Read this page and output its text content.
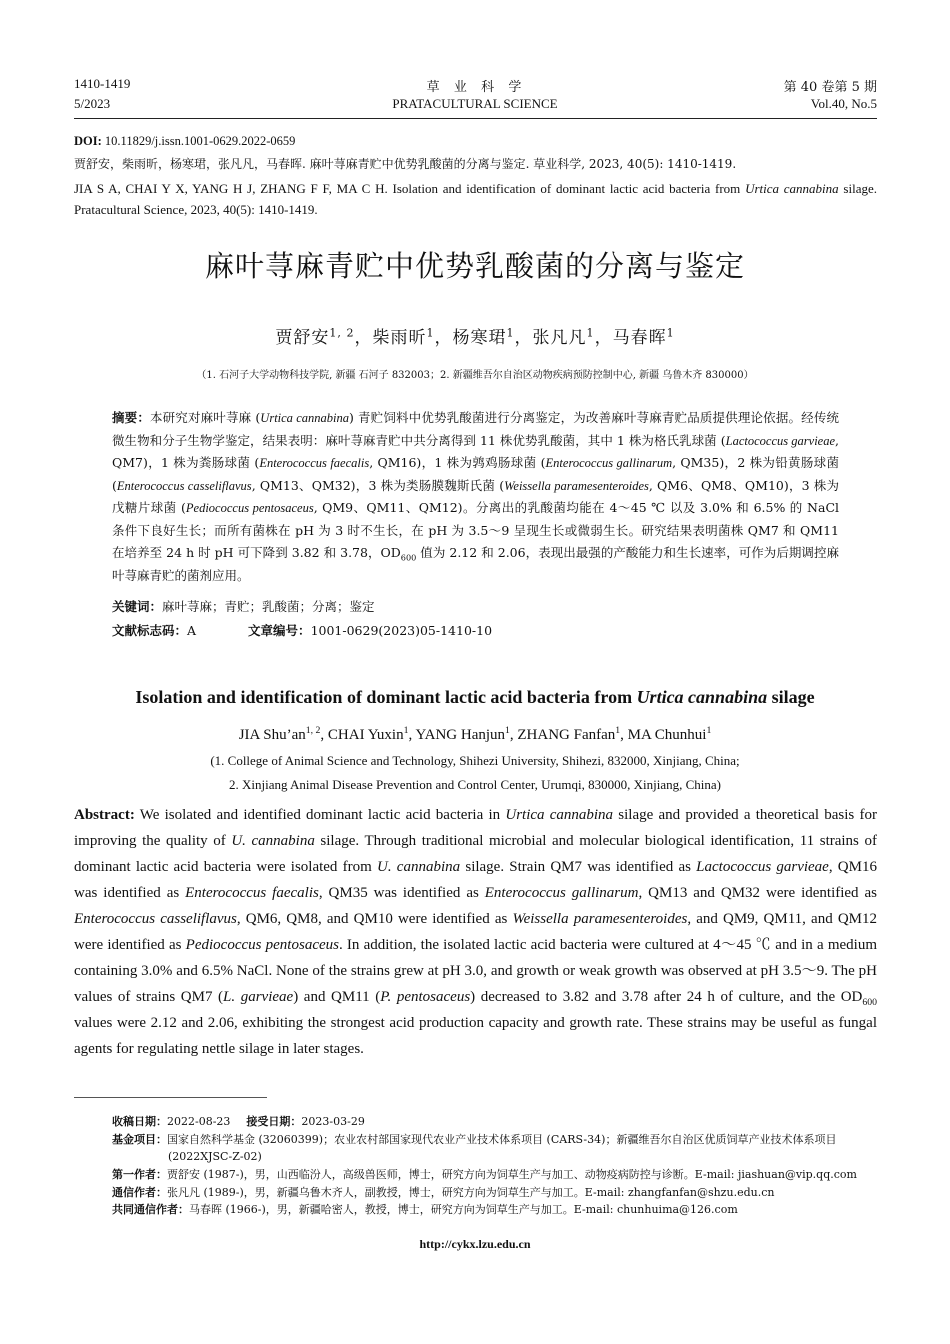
1410-1419
5/2023
草  业  科  学
PRATACULTURAL SCIENCE
第 40 卷第 5 期
Vol.40, No.5
DOI: 10.11829/j.issn.1001-0629.2022-0659
贾舒安，柴雨昕，杨寒珺，张凡凡，马春晖. 麻叶荨麻青贮中优势乳酸菌的分离与鉴定. 草业科学, 2023, 40(5): 1410-1419.
JIA S A, CHAI Y X, YANG H J, ZHANG F F, MA C H. Isolation and identification of dominant lactic acid bacteria from Urtica cannabina silage. Pratacultural Science, 2023, 40(5): 1410-1419.
麻叶荨麻青贮中优势乳酸菌的分离与鉴定
贾舒安$^{1, 2}$，柴雨昕$^1$，杨寒珺$^1$，张凡凡$^1$，马春晖$^1$
（1. 石河子大学动物科技学院, 新疆 石河子 832003；2. 新疆维吾尔自治区动物疾病预防控制中心, 新疆 乌鲁木齐 830000）
摘要：本研究对麻叶荨麻 (Urtica cannabina) 青贮饲料中优势乳酸菌进行分离鉴定，为改善麻叶荨麻青贮品质提供理论依据。经传统微生物和分子生物学鉴定，结果表明：麻叶荨麻青贮中共分离得到 11 株优势乳酸菌，其中 1 株为格氏乳球菌 (Lactococcus garvieae, QM7)，1 株为粪肠球菌 (Enterococcus faecalis, QM16)，1 株为鹑鸡肠球菌 (Enterococcus gallinarum, QM35)，2 株为铅黄肠球菌 (Enterococcus casseliflavus, QM13、QM32)，3 株为类肠膜魏斯氏菌 (Weissella paramesenteroides, QM6、QM8、QM10)，3 株为戊糖片球菌 (Pediococcus pentosaceus, QM9、QM11、QM12)。分离出的乳酸菌均能在 4～45 ℃ 以及 3.0% 和 6.5% 的 NaCl 条件下良好生长；而所有菌株在 pH 为 3 时不生长，在 pH 为 3.5～9 呈现生长或微弱生长。研究结果表明菌株 QM7 和 QM11 在培养至 24 h 时 pH 可下降到 3.82 和 3.78，$OD_{600}$ 值为 2.12 和 2.06，表现出最强的产酸能力和生长速率，可作为后期调控麻叶荨麻青贮的菌剂应用。
关键词：麻叶荨麻；青贮；乳酸菌；分离；鉴定
文献标志码：A	文章编号：1001-0629(2023)05-1410-10
Isolation and identification of dominant lactic acid bacteria from Urtica cannabina silage
JIA Shu’an$^{1, 2}$, CHAI Yuxin$^1$, YANG Hanjun$^1$, ZHANG Fanfan$^1$, MA Chunhui$^1$
(1. College of Animal Science and Technology, Shihezi University, Shihezi, 832000, Xinjiang, China;
2. Xinjiang Animal Disease Prevention and Control Center, Urumqi, 830000, Xinjiang, China)
Abstract: We isolated and identified dominant lactic acid bacteria in Urtica cannabina silage and provided a theoretical basis for improving the quality of U. cannabina silage. Through traditional microbial and molecular biological identification, 11 strains of dominant lactic acid bacteria were isolated from U. cannabina silage. Strain QM7 was identified as Lactococcus garvieae, QM16 was identified as Enterococcus faecalis, QM35 was identified as Enterococcus gallinarum, QM13 and QM32 were identified as Enterococcus casseliflavus, QM6, QM8, and QM10 were identified as Weissella paramesenteroides, and QM9, QM11, and QM12 were identified as Pediococcus pentosaceus. In addition, the isolated lactic acid bacteria were cultured at 4～45 ℃ and in a medium containing 3.0% and 6.5% NaCl. None of the strains grew at pH 3.0, and growth or weak growth was observed at pH 3.5～9. The pH values of strains QM7 (L. garvieae) and QM11 (P. pentosaceus) decreased to 3.82 and 3.78 after 24 h of culture, and the $OD_{600}$ values were 2.12 and 2.06, exhibiting the strongest acid production capacity and growth rate. These strains may be useful as fungal agents for regulating nettle silage in later stages.
收稿日期：2022-08-23 接受日期：2023-03-29
基金项目：国家自然科学基金 (32060399)；农业农村部国家现代农业产业技术体系项目 (CARS-34)；新疆维吾尔自治区优质饲草产业技术体系项目 (2022XJSC-Z-02)
第一作者：贾舒安 (1987-)，男，山西临汾人，高级兽医师，博士，研究方向为饲草生产与加工、动物疫病防控与诊断。E-mail: jiashuan@vip.qq.com
通信作者：张凡凡 (1989-)，男，新疆乌鲁木齐人，副教授，博士，研究方向为饲草生产与加工。E-mail: zhangfanfan@shzu.edu.cn
共同通信作者：马春晖 (1966-)，男，新疆哈密人，教授，博士，研究方向为饲草生产与加工。E-mail: chunhuima@126.com
http://cykx.lzu.edu.cn
